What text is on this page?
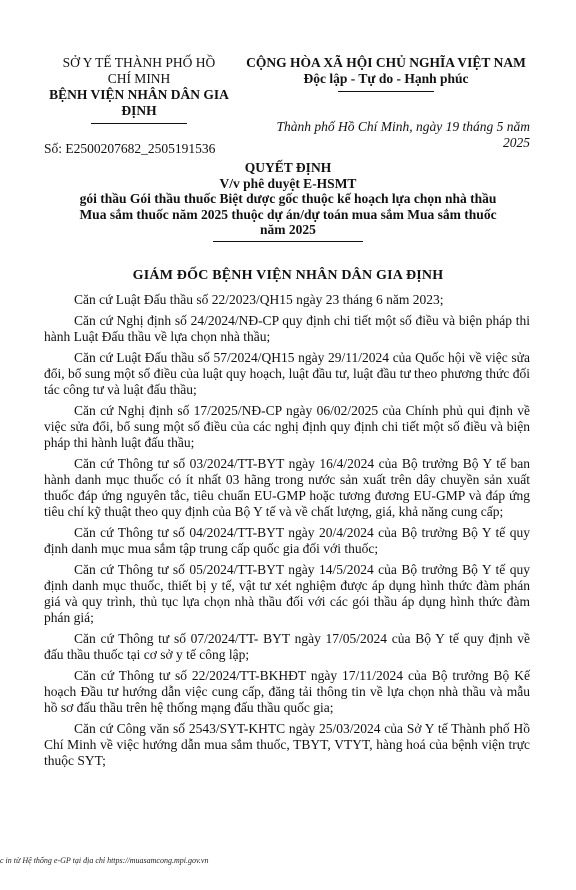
SỞ Y TẾ THÀNH PHỐ HỒ
CHÍ MINH
BỆNH VIỆN NHÂN DÂN GIA
ĐỊNH
Số: E2500207682_2505191536
CỘNG HÒA XÃ HỘI CHỦ NGHĨA VIỆT NAM
Độc lập - Tự do - Hạnh phúc
Thành phố Hồ Chí Minh, ngày 19 tháng 5 năm
2025
QUYẾT ĐỊNH
V/v phê duyệt E-HSMT
gói thầu Gói thầu thuốc Biệt dược gốc thuộc kế hoạch lựa chọn nhà thầu
Mua sắm thuốc năm 2025 thuộc dự án/dự toán mua sắm Mua sắm thuốc
năm 2025
GIÁM ĐỐC BỆNH VIỆN NHÂN DÂN GIA ĐỊNH

Căn cứ Luật Đấu thầu số 22/2023/QH15 ngày 23 tháng 6 năm 2023;

Căn cứ Nghị định số 24/2024/NĐ-CP quy định chi tiết một số điều và biện pháp thi hành Luật Đấu thầu về lựa chọn nhà thầu;

Căn cứ Luật Đấu thầu số 57/2024/QH15 ngày 29/11/2024 của Quốc hội về việc sửa đổi, bổ sung một số điều của luật quy hoạch, luật đầu tư, luật đầu tư theo phương thức đối tác công tư và luật đấu thầu;

Căn cứ Nghị định số 17/2025/NĐ-CP ngày 06/02/2025 của Chính phủ qui định về việc sửa đổi, bổ sung một số điều của các nghị định quy định chi tiết một số điều và biện pháp thi hành luật đấu thầu;

Căn cứ Thông tư số 03/2024/TT-BYT ngày 16/4/2024 của Bộ trưởng Bộ Y tế ban hành danh mục thuốc có ít nhất 03 hãng trong nước sản xuất trên dây chuyền sản xuất thuốc đáp ứng nguyên tắc, tiêu chuẩn EU-GMP hoặc tương đương EU-GMP và đáp ứng tiêu chí kỹ thuật theo quy định của Bộ Y tế và về chất lượng, giá, khả năng cung cấp;

Căn cứ Thông tư số 04/2024/TT-BYT ngày 20/4/2024 của Bộ trưởng Bộ Y tế quy định danh mục mua sắm tập trung cấp quốc gia đối với thuốc;

Căn cứ Thông tư số 05/2024/TT-BYT ngày 14/5/2024 của Bộ trưởng Bộ Y tế quy định danh mục thuốc, thiết bị y tế, vật tư xét nghiệm được áp dụng hình thức đàm phán giá và quy trình, thủ tục lựa chọn nhà thầu đối với các gói thầu áp dụng hình thức đàm phán giá;

Căn cứ Thông tư số 07/2024/TT- BYT ngày 17/05/2024 của Bộ Y tế quy định về đấu thầu thuốc tại cơ sở y tế công lập;

Căn cứ Thông tư số 22/2024/TT-BKHĐT ngày 17/11/2024 của Bộ trưởng Bộ Kế hoạch Đầu tư hướng dẫn việc cung cấp, đăng tải thông tin về lựa chọn nhà thầu và mẫu hồ sơ đấu thầu trên hệ thống mạng đấu thầu quốc gia;

Căn cứ Công văn số 2543/SYT-KHTC ngày 25/03/2024 của Sở Y tế Thành phố Hồ Chí Minh về việc hướng dẫn mua sắm thuốc, TBYT, VTYT, hàng hoá của bệnh viện trực thuộc SYT;

c in từ Hệ thống e-GP tại địa chỉ https://muasamcong.mpi.gov.vn
